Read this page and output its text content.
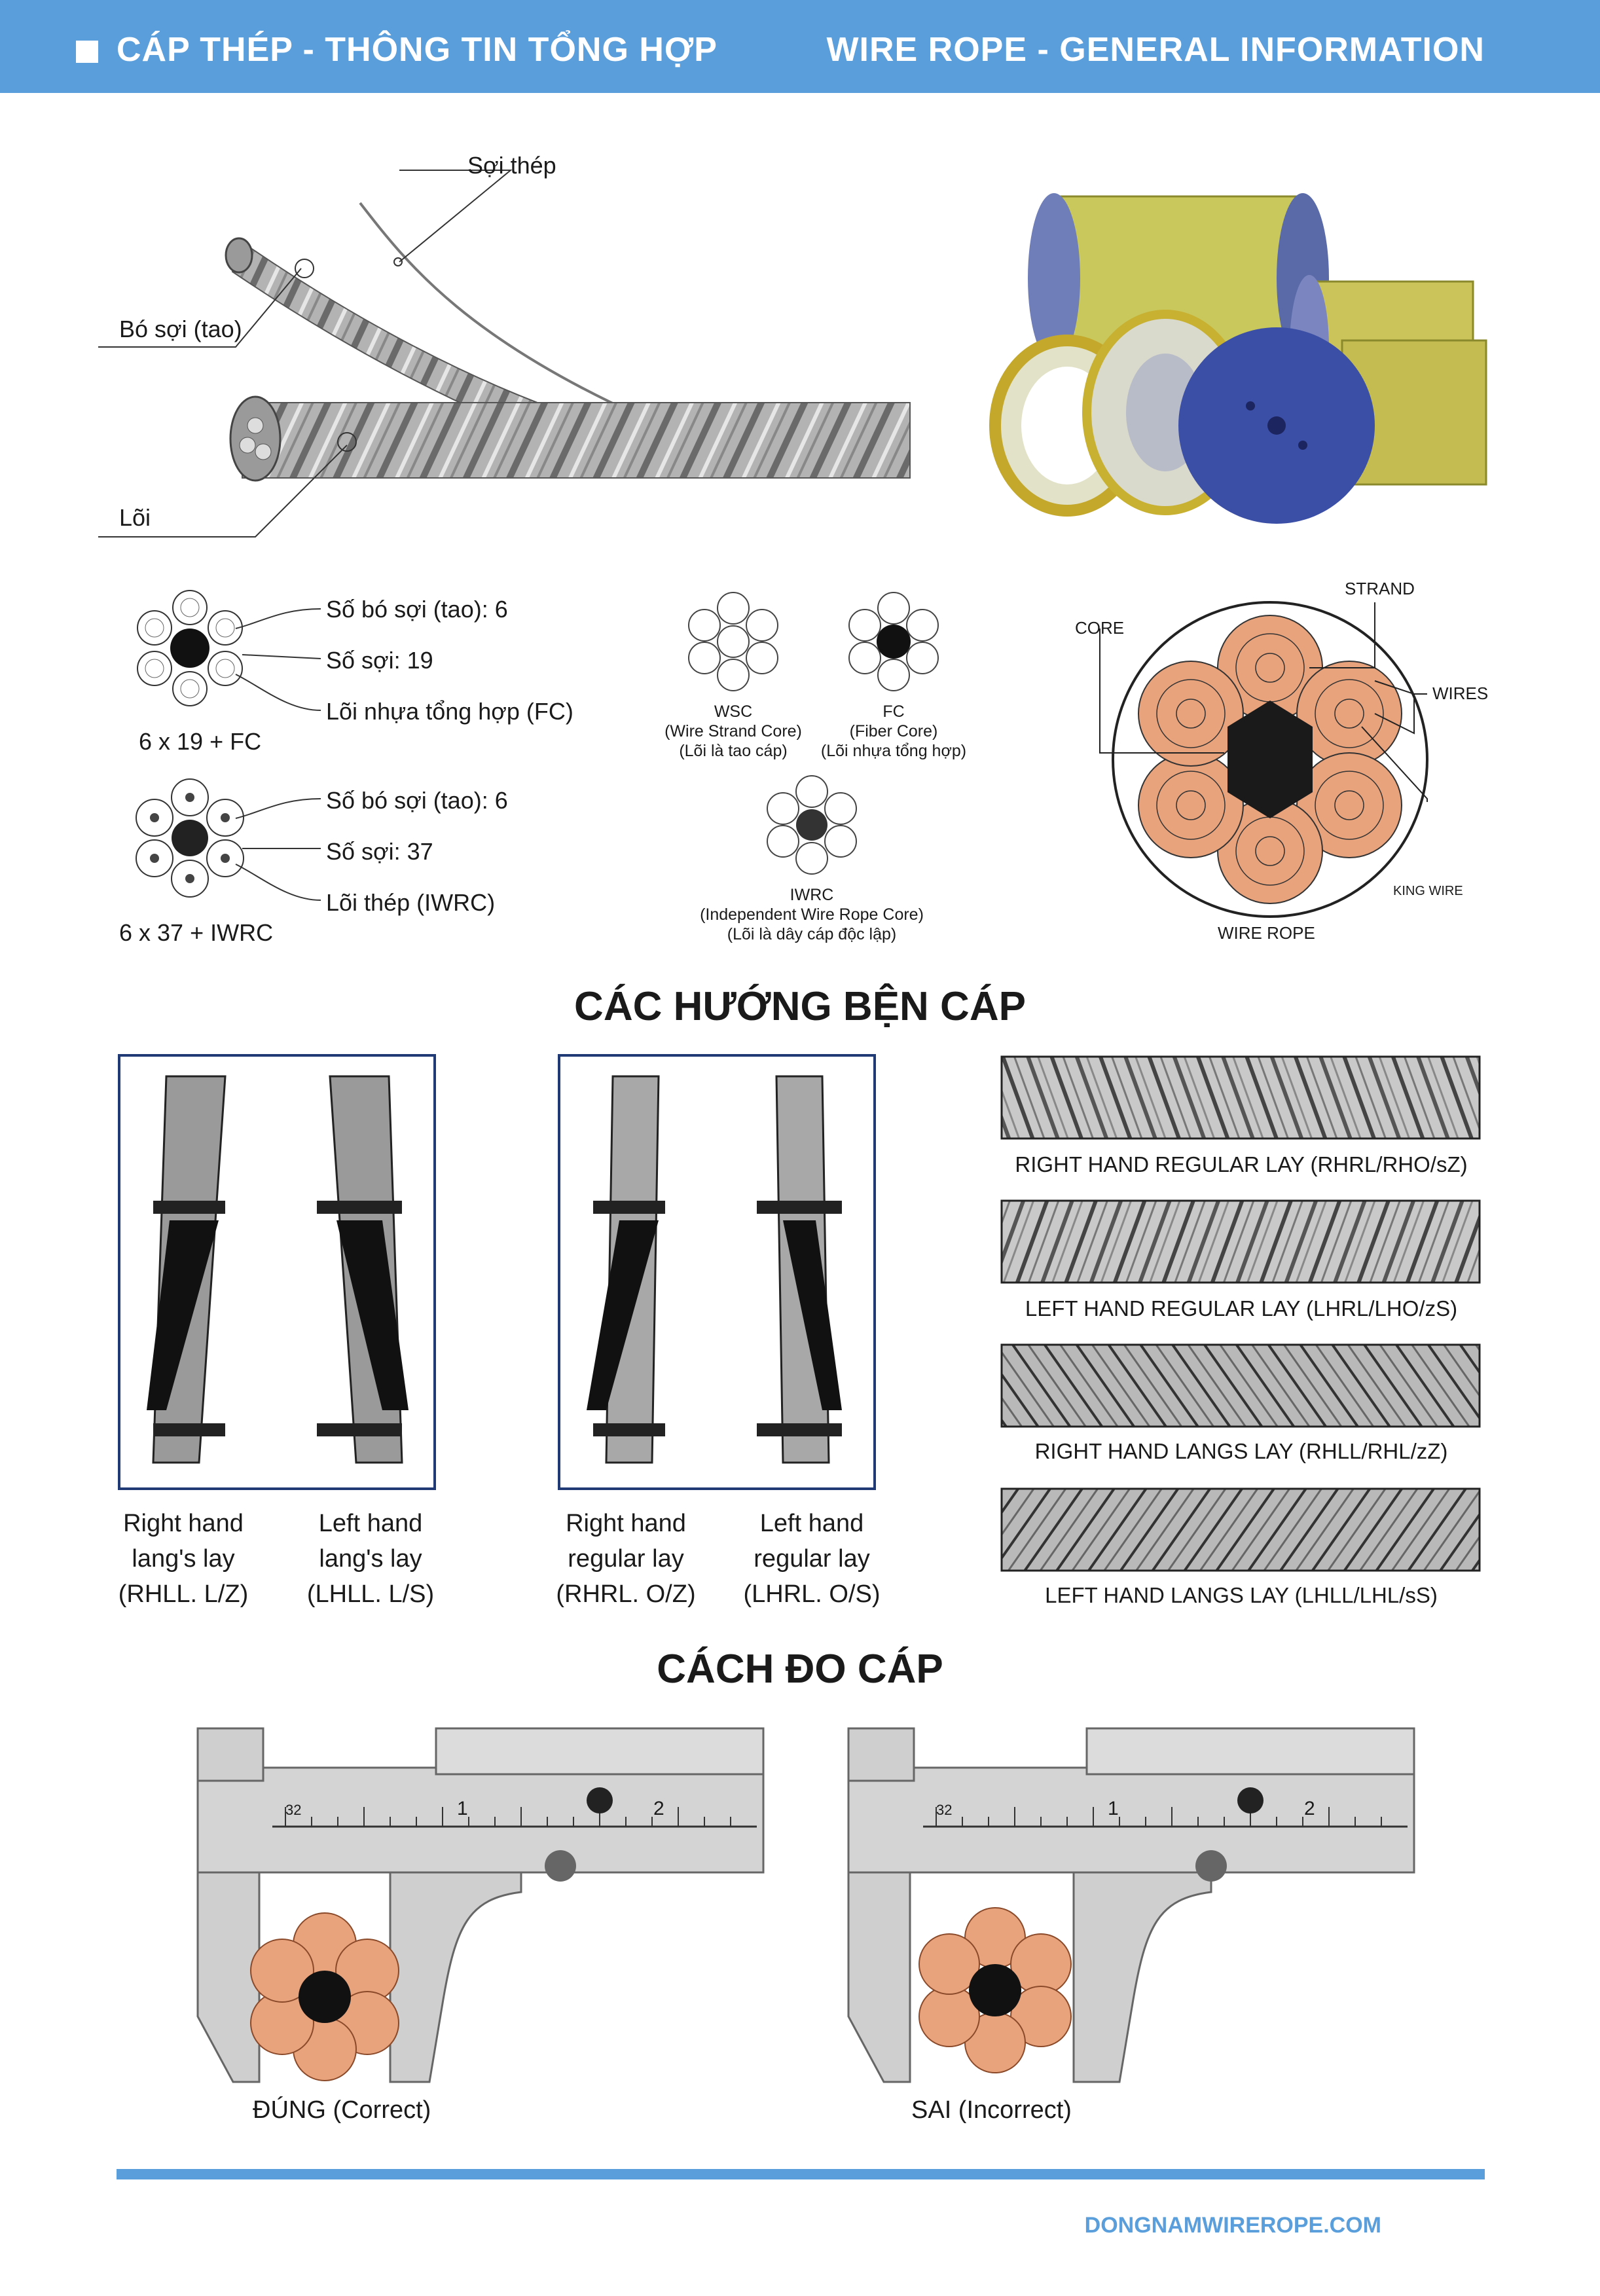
CÁP THÉP - THÔNG TIN TỔNG HỢP	WIRE ROPE - GENERAL INFORMATION
Sợi thép
Bó sợi (tao)
Lõi
Số bó sợi (tao): 6
Số sợi: 19
Lõi nhựa tổng hợp (FC)
6 x 19 + FC
Số bó sợi (tao): 6
Số sợi: 37
Lõi thép (IWRC)
6 x 37 + IWRC
WSC
(Wire Strand Core)
(Lõi là tao cáp)
FC
(Fiber Core)
(Lõi nhựa tổng hợp)
IWRC
(Independent Wire Rope Core)
(Lõi là dây cáp độc lập)
CORE
STRAND
WIRES
KING WIRE
WIRE ROPE
CÁC HƯỚNG BỆN CÁP
Right hand
lang's lay
(RHLL. L/Z)
Left hand
lang's lay
(LHLL. L/S)
Right hand
regular lay
(RHRL. O/Z)
Left hand
regular lay
(LHRL. O/S)
RIGHT HAND REGULAR LAY (RHRL/RHO/sZ)
LEFT HAND REGULAR LAY (LHRL/LHO/zS)
RIGHT HAND LANGS LAY (RHLL/RHL/zZ)
LEFT HAND LANGS LAY (LHLL/LHL/sS)
CÁCH ĐO CÁP
32	1	2
ĐÚNG (Correct)
32	1	2
SAI (Incorrect)
DONGNAMWIREROPE.COM
